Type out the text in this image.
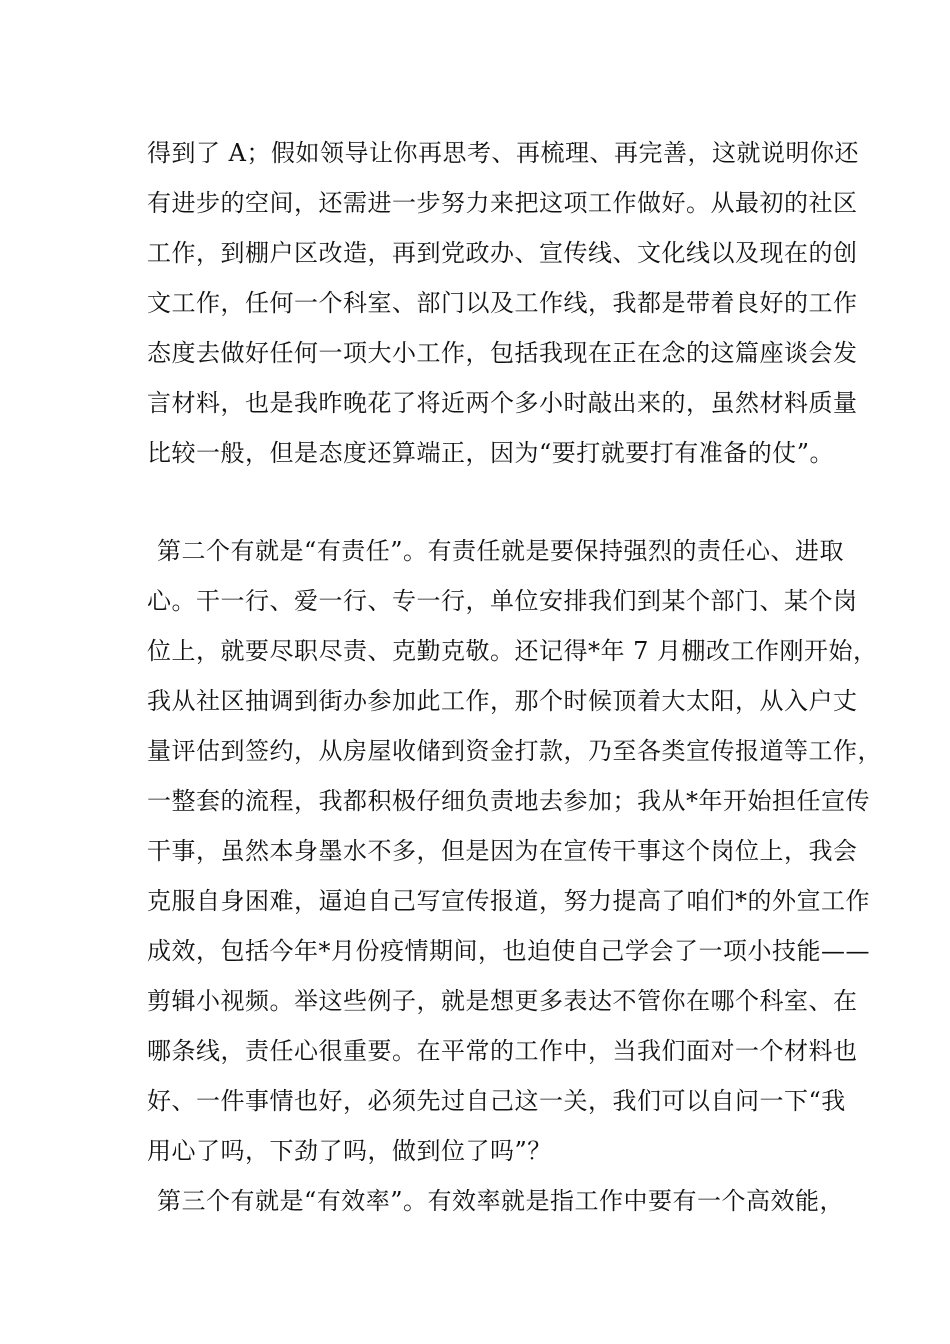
得到了 A；假如领导让你再思考、再梳理、再完善，这就说明你还
有进步的空间，还需进一步努力来把这项工作做好。从最初的社区
工作，到棚户区改造，再到党政办、宣传线、文化线以及现在的创
文工作，任何一个科室、部门以及工作线，我都是带着良好的工作
态度去做好任何一项大小工作，包括我现在正在念的这篇座谈会发
言材料，也是我昨晚花了将近两个多小时敲出来的，虽然材料质量
比较一般，但是态度还算端正，因为“要打就要打有准备的仗”。
第二个有就是“有责任”。有责任就是要保持强烈的责任心、进取
心。干一行、爱一行、专一行，单位安排我们到某个部门、某个岗
位上，就要尽职尽责、克勤克敬。还记得*年 7 月棚改工作刚开始，
我从社区抽调到街办参加此工作，那个时候顶着大太阳，从入户丈
量评估到签约，从房屋收储到资金打款，乃至各类宣传报道等工作，
一整套的流程，我都积极仔细负责地去参加；我从*年开始担任宣传
干事，虽然本身墨水不多，但是因为在宣传干事这个岗位上，我会
克服自身困难，逼迫自己写宣传报道，努力提高了咱们*的外宣工作
成效，包括今年*月份疫情期间，也迫使自己学会了一项小技能——
剪辑小视频。举这些例子，就是想更多表达不管你在哪个科室、在
哪条线，责任心很重要。在平常的工作中，当我们面对一个材料也
好、一件事情也好，必须先过自己这一关，我们可以自问一下“我
用心了吗，下劲了吗，做到位了吗”？
第三个有就是“有效率”。有效率就是指工作中要有一个高效能，
